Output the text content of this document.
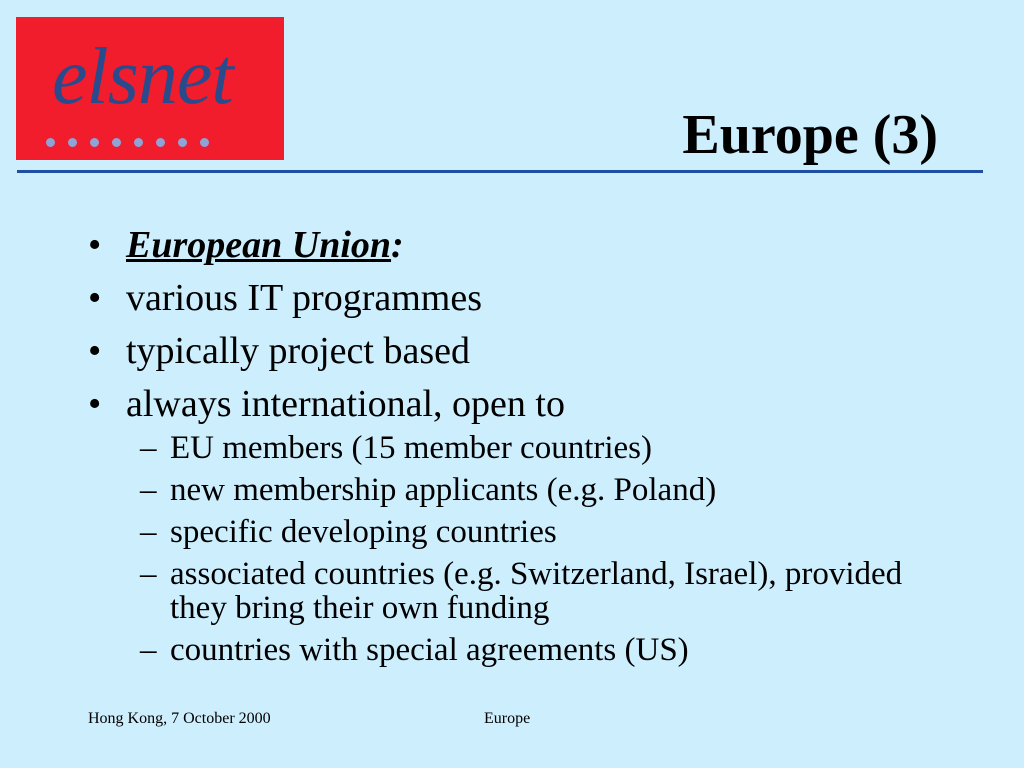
elsnet
Europe (3)
• European Union:
• various IT programmes
• typically project based
• always international, open to
– EU members (15 member countries)
– new membership applicants (e.g. Poland)
– specific developing countries
– associated countries (e.g. Switzerland, Israel), provided they bring their own funding
– countries with special agreements (US)
Hong Kong, 7 October 2000	Europe
